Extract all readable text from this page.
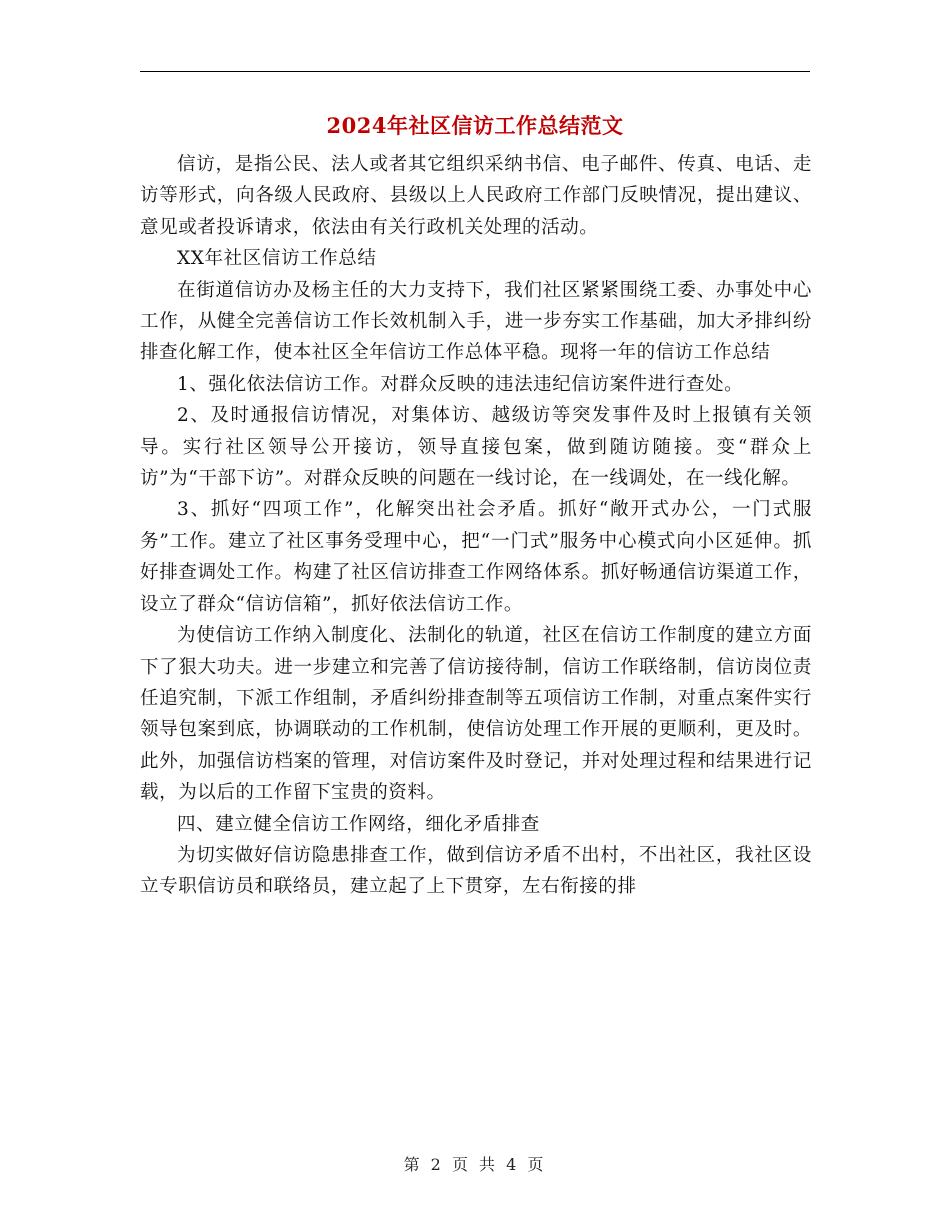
2024年社区信访工作总结范文

信访，是指公民、法人或者其它组织采纳书信、电子邮件、传真、电话、走访等形式，向各级人民政府、县级以上人民政府工作部门反映情况，提出建议、意见或者投诉请求，依法由有关行政机关处理的活动。

XX年社区信访工作总结

在街道信访办及杨主任的大力支持下，我们社区紧紧围绕工委、办事处中心工作，从健全完善信访工作长效机制入手，进一步夯实工作基础，加大矛排纠纷排查化解工作，使本社区全年信访工作总体平稳。现将一年的信访工作总结

1、强化依法信访工作。对群众反映的违法违纪信访案件进行查处。

2、及时通报信访情况，对集体访、越级访等突发事件及时上报镇有关领导。实行社区领导公开接访，领导直接包案，做到随访随接。变“群众上访”为“干部下访”。对群众反映的问题在一线讨论，在一线调处，在一线化解。

3、抓好“四项工作”，化解突出社会矛盾。抓好“敞开式办公，一门式服务”工作。建立了社区事务受理中心，把“一门式”服务中心模式向小区延伸。抓好排查调处工作。构建了社区信访排查工作网络体系。抓好畅通信访渠道工作，设立了群众“信访信箱”，抓好依法信访工作。

为使信访工作纳入制度化、法制化的轨道，社区在信访工作制度的建立方面下了狠大功夫。进一步建立和完善了信访接待制，信访工作联络制，信访岗位责任追究制，下派工作组制，矛盾纠纷排查制等五项信访工作制，对重点案件实行领导包案到底，协调联动的工作机制，使信访处理工作开展的更顺利，更及时。此外，加强信访档案的管理，对信访案件及时登记，并对处理过程和结果进行记载，为以后的工作留下宝贵的资料。

四、建立健全信访工作网络，细化矛盾排查

为切实做好信访隐患排查工作，做到信访矛盾不出村，不出社区，我社区设立专职信访员和联络员，建立起了上下贯穿，左右衔接的排

第 2 页 共 4 页
